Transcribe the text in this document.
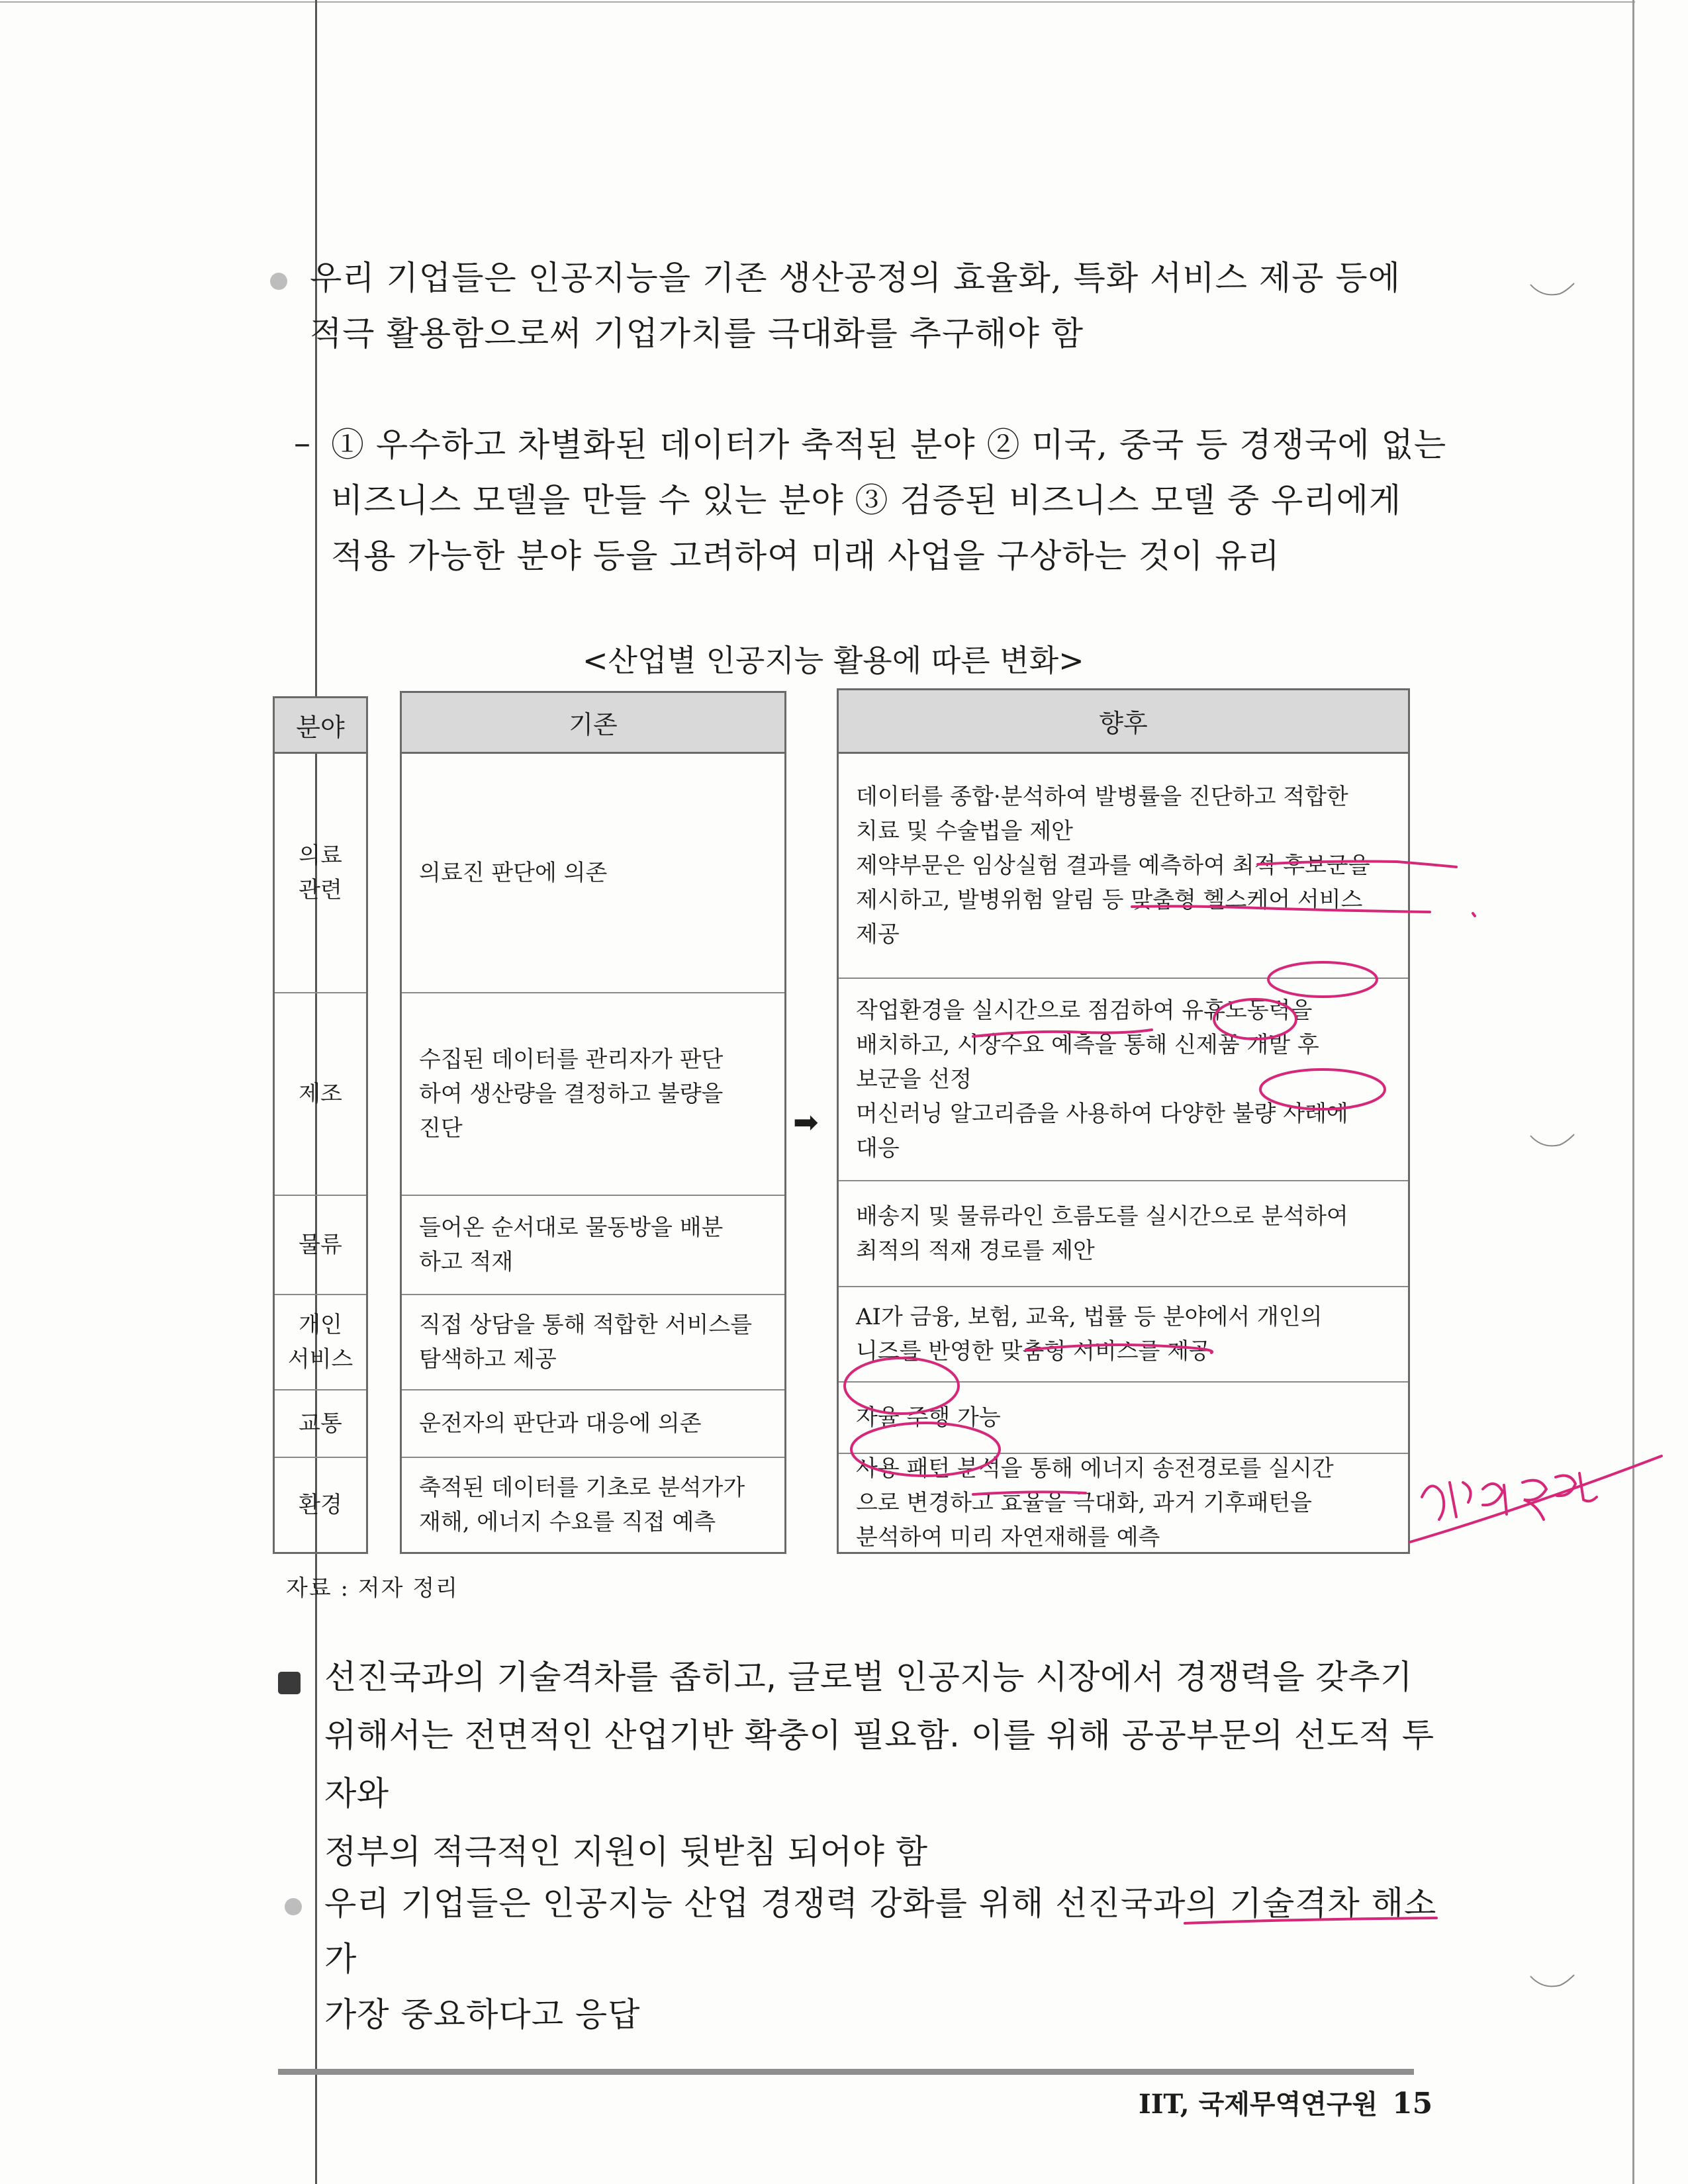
우리 기업들은 인공지능을 기존 생산공정의 효율화, 특화 서비스 제공 등에
적극 활용함으로써 기업가치를 극대화를 추구해야 함
– ① 우수하고 차별화된 데이터가 축적된 분야 ② 미국, 중국 등 경쟁국에 없는
비즈니스 모델을 만들 수 있는 분야 ③ 검증된 비즈니스 모델 중 우리에게
적용 가능한 분야 등을 고려하여 미래 사업을 구상하는 것이 유리
<산업별 인공지능 활용에 따른 변화>
분야
의료
관련
제조
물류
개인
서비스
교통
환경
기존
의료진 판단에 의존
수집된 데이터를 관리자가 판단
하여 생산량을 결정하고 불량을
진단
들어온 순서대로 물동방을 배분
하고 적재
직접 상담을 통해 적합한 서비스를
탐색하고 제공
운전자의 판단과 대응에 의존
축적된 데이터를 기초로 분석가가
재해, 에너지 수요를 직접 예측
➡
향후
데이터를 종합·분석하여 발병률을 진단하고 적합한
치료 및 수술법을 제안
제약부문은 임상실험 결과를 예측하여 최적 후보군을
제시하고, 발병위험 알림 등 맞춤형 헬스케어 서비스
제공
작업환경을 실시간으로 점검하여 유휴노동력을
배치하고, 시장수요 예측을 통해 신제품 개발 후
보군을 선정
머신러닝 알고리즘을 사용하여 다양한 불량 사례에
대응
배송지 및 물류라인 흐름도를 실시간으로 분석하여
최적의 적재 경로를 제안
AI가 금융, 보험, 교육, 법률 등 분야에서 개인의
니즈를 반영한 맞춤형 서비스를 제공
자율 주행 가능
사용 패턴 분석을 통해 에너지 송전경로를 실시간
으로 변경하고 효율을 극대화, 과거 기후패턴을
분석하여 미리 자연재해를 예측
자료 : 저자 정리
선진국과의 기술격차를 좁히고, 글로벌 인공지능 시장에서 경쟁력을 갖추기
위해서는 전면적인 산업기반 확충이 필요함. 이를 위해 공공부문의 선도적 투자와
정부의 적극적인 지원이 뒷받침 되어야 함
우리 기업들은 인공지능 산업 경쟁력 강화를 위해 선진국과의 기술격차 해소가
가장 중요하다고 응답
IIT, 국제무역연구원 15
